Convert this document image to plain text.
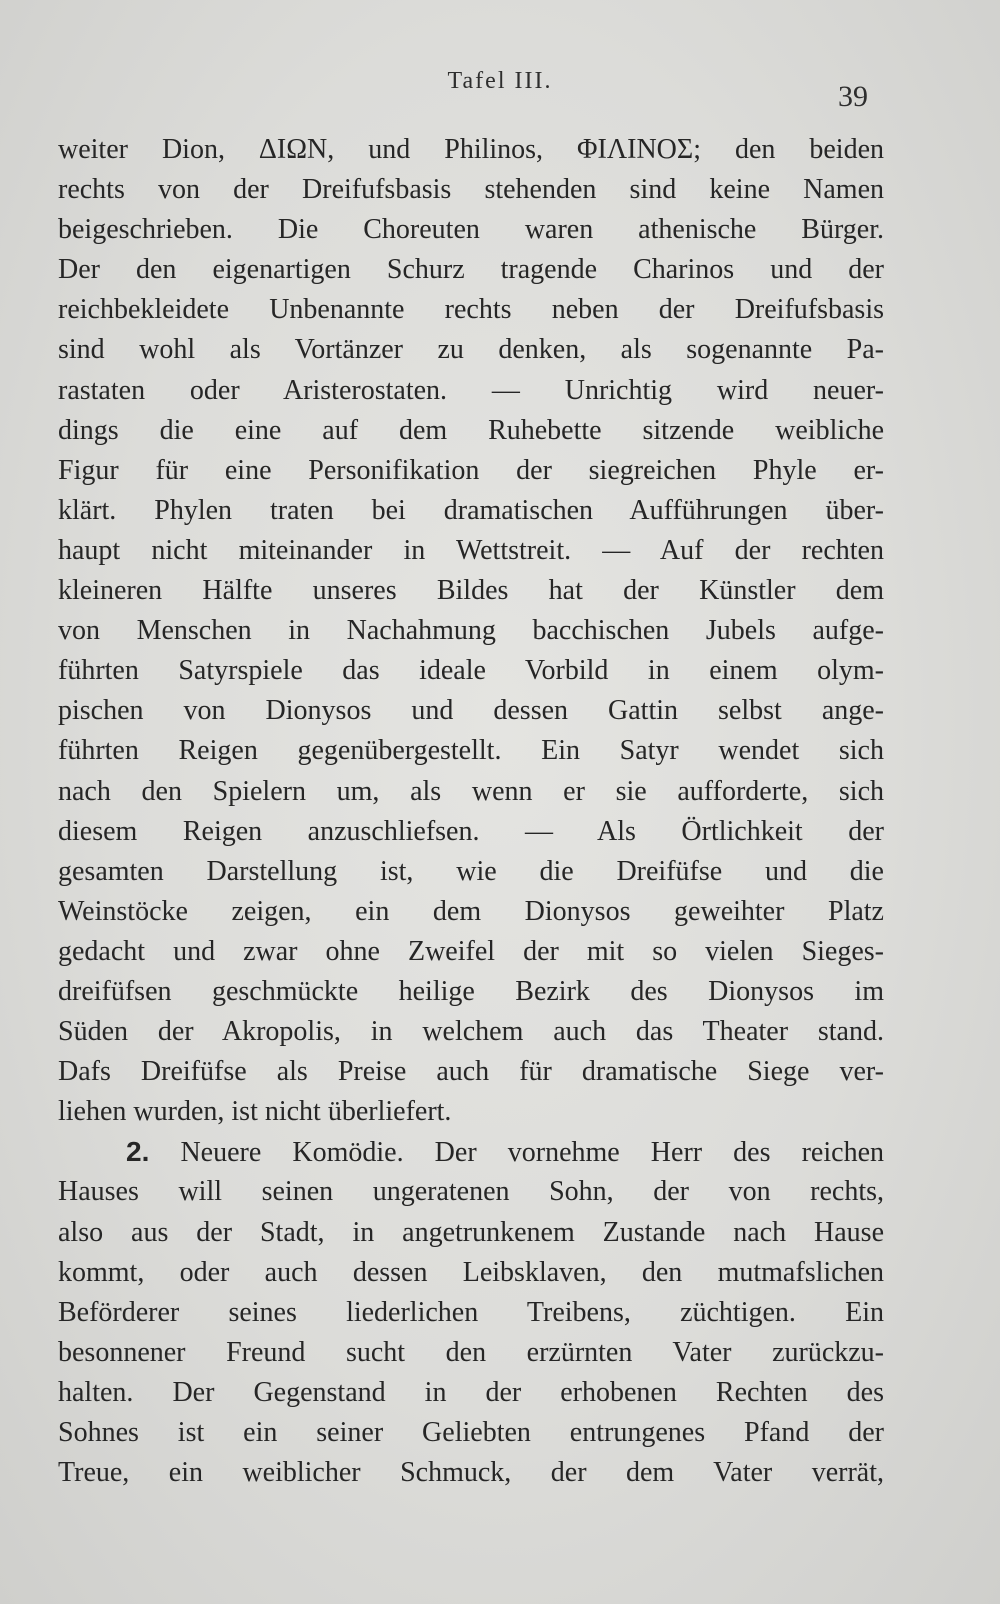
Tafel III.	39
weiter Dion, ΔΙΩΝ, und Philinos, ΦΙΛΙΝΟΣ; den beiden
rechts von der Dreifufsbasis stehenden sind keine Namen
beigeschrieben. Die Choreuten waren athenische Bürger.
Der den eigenartigen Schurz tragende Charinos und der
reichbekleidete Unbenannte rechts neben der Dreifufsbasis
sind wohl als Vortänzer zu denken, als sogenannte Pa-
rastaten oder Aristerostaten. — Unrichtig wird neuer-
dings die eine auf dem Ruhebette sitzende weibliche
Figur für eine Personifikation der siegreichen Phyle er-
klärt. Phylen traten bei dramatischen Aufführungen über-
haupt nicht miteinander in Wettstreit. — Auf der rechten
kleineren Hälfte unseres Bildes hat der Künstler dem
von Menschen in Nachahmung bacchischen Jubels aufge-
führten Satyrspiele das ideale Vorbild in einem olym-
pischen von Dionysos und dessen Gattin selbst ange-
führten Reigen gegenübergestellt. Ein Satyr wendet sich
nach den Spielern um, als wenn er sie aufforderte, sich
diesem Reigen anzuschliefsen. — Als Örtlichkeit der
gesamten Darstellung ist, wie die Dreifüfse und die
Weinstöcke zeigen, ein dem Dionysos geweihter Platz
gedacht und zwar ohne Zweifel der mit so vielen Sieges-
dreifüfsen geschmückte heilige Bezirk des Dionysos im
Süden der Akropolis, in welchem auch das Theater stand.
Dafs Dreifüfse als Preise auch für dramatische Siege ver-
liehen wurden, ist nicht überliefert.
2. Neuere Komödie. Der vornehme Herr des reichen
Hauses will seinen ungeratenen Sohn, der von rechts,
also aus der Stadt, in angetrunkenem Zustande nach Hause
kommt, oder auch dessen Leibsklaven, den mutmafslichen
Beförderer seines liederlichen Treibens, züchtigen. Ein
besonnener Freund sucht den erzürnten Vater zurückzu-
halten. Der Gegenstand in der erhobenen Rechten des
Sohnes ist ein seiner Geliebten entrungenes Pfand der
Treue, ein weiblicher Schmuck, der dem Vater verrät,
